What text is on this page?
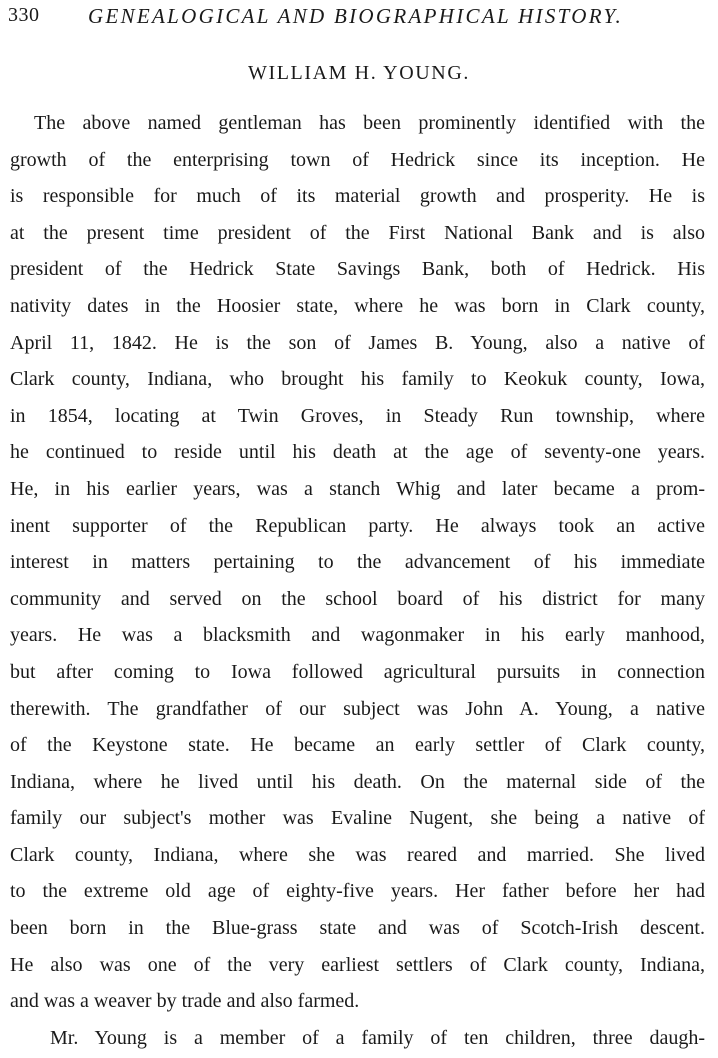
330 GENEALOGICAL AND BIOGRAPHICAL HISTORY.
WILLIAM H. YOUNG.
The above named gentleman has been prominently identified with the
growth of the enterprising town of Hedrick since its inception. He
is responsible for much of its material growth and prosperity. He is
at the present time president of the First National Bank and is also
president of the Hedrick State Savings Bank, both of Hedrick. His
nativity dates in the Hoosier state, where he was born in Clark county,
April 11, 1842. He is the son of James B. Young, also a native of
Clark county, Indiana, who brought his family to Keokuk county, Iowa,
in 1854, locating at Twin Groves, in Steady Run township, where
he continued to reside until his death at the age of seventy-one years.
He, in his earlier years, was a stanch Whig and later became a prom-
inent supporter of the Republican party. He always took an active
interest in matters pertaining to the advancement of his immediate
community and served on the school board of his district for many
years. He was a blacksmith and wagonmaker in his early manhood,
but after coming to Iowa followed agricultural pursuits in connection
therewith. The grandfather of our subject was John A. Young, a native
of the Keystone state. He became an early settler of Clark county,
Indiana, where he lived until his death. On the maternal side of the
family our subject's mother was Evaline Nugent, she being a native of
Clark county, Indiana, where she was reared and married. She lived
to the extreme old age of eighty-five years. Her father before her had
been born in the Blue-grass state and was of Scotch-Irish descent.
He also was one of the very earliest settlers of Clark county, Indiana,
and was a weaver by trade and also farmed.
Mr. Young is a member of a family of ten children, three daugh-
